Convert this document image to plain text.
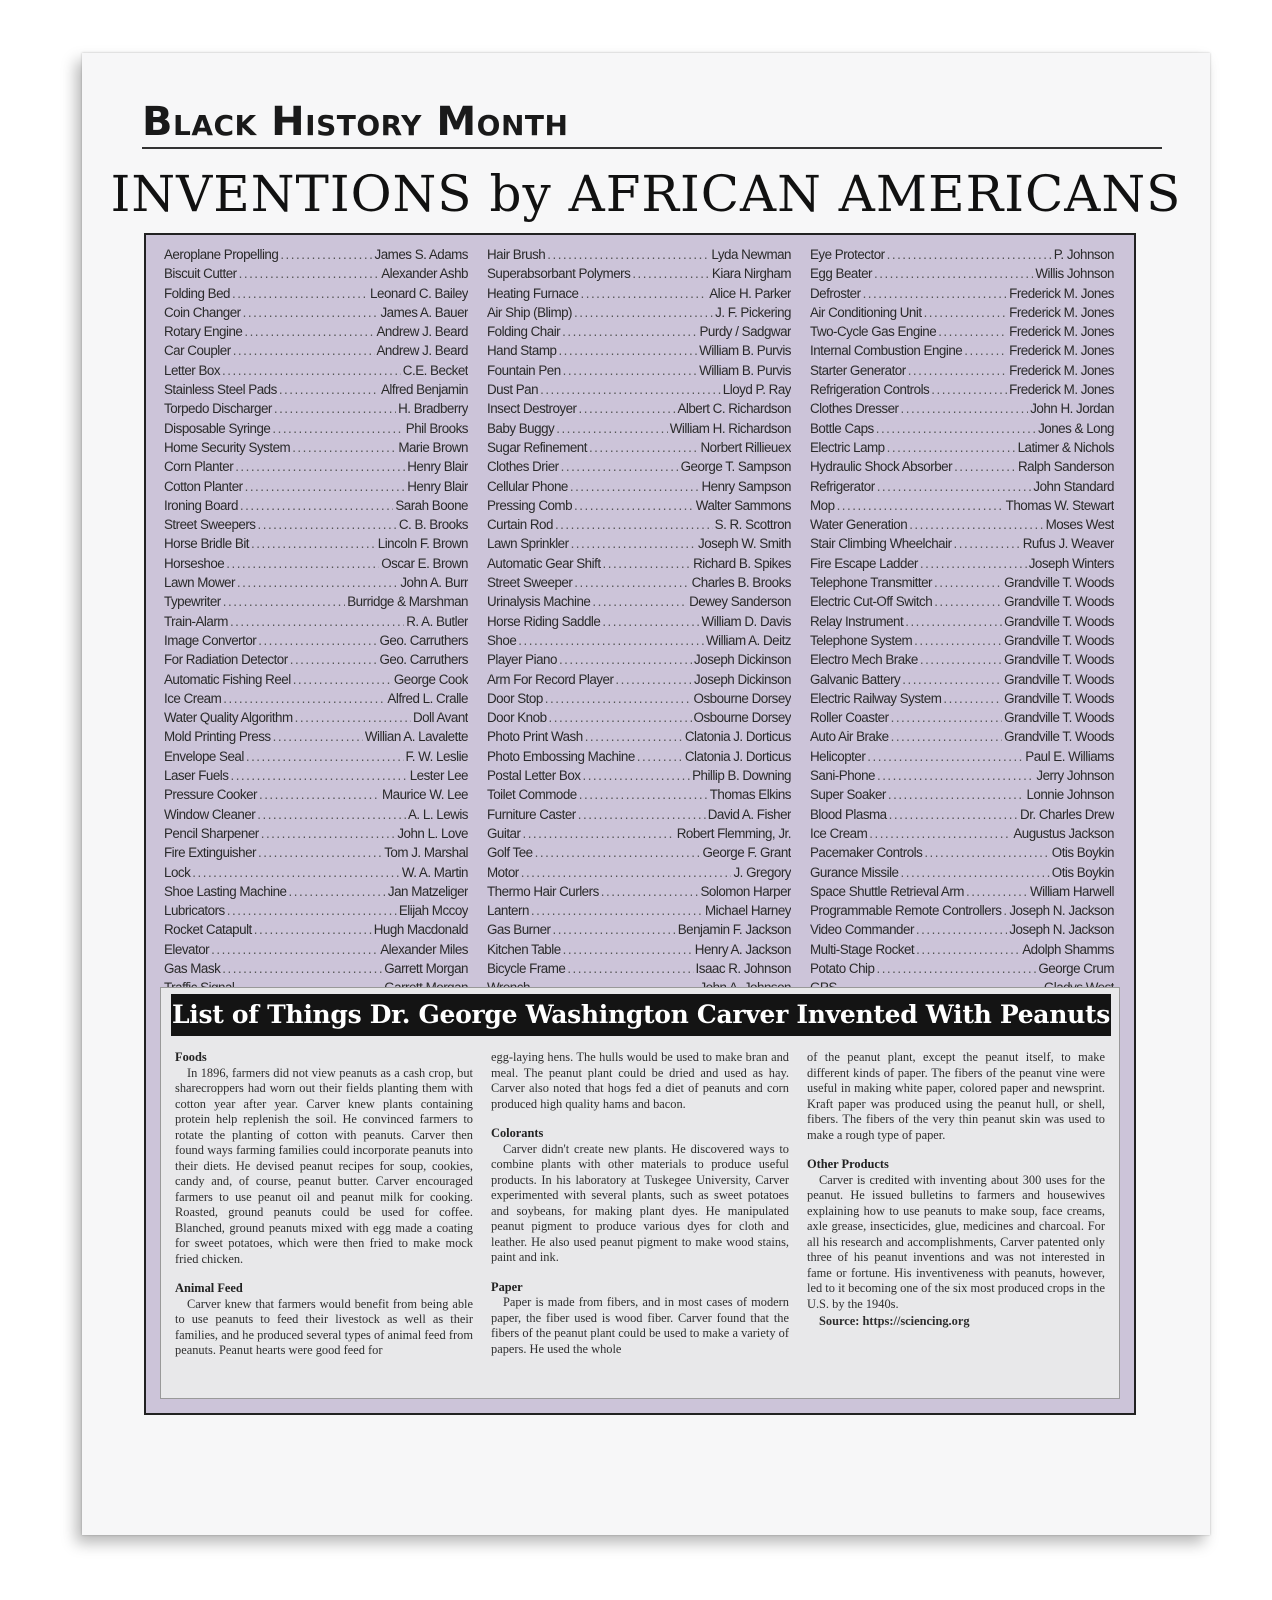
Black History Month
INVENTIONS by AFRICAN AMERICANS
Aeroplane Propelling .....	James S. Adams
Biscuit Cutter .....	Alexander Ashb
Folding Bed .....	Leonard C. Bailey
Coin Changer .....	James A. Bauer
Rotary Engine .....	Andrew J. Beard
Car Coupler .....	Andrew J. Beard
Letter Box .....	C.E. Becket
Stainless Steel Pads .....	Alfred Benjamin
Torpedo Discharger .....	H. Bradberry
Disposable Syringe .....	Phil Brooks
Home Security System .....	Marie Brown
Corn Planter .....	Henry Blair
Cotton Planter .....	Henry Blair
Ironing Board .....	Sarah Boone
Street Sweepers .....	C. B. Brooks
Horse Bridle Bit .....	Lincoln F. Brown
Horseshoe .....	Oscar E. Brown
Lawn Mower .....	John A. Burr
Typewriter .....	Burridge & Marshman
Train-Alarm .....	R. A. Butler
Image Convertor .....	Geo. Carruthers
For Radiation Detector .....	Geo. Carruthers
Automatic Fishing Reel .....	George Cook
Ice Cream .....	Alfred L. Cralle
Water Quality Algorithm .....	Doll Avant
Mold Printing Press .....	Willian A. Lavalette
Envelope Seal .....	F. W. Leslie
Laser Fuels .....	Lester Lee
Pressure Cooker .....	Maurice W. Lee
Window Cleaner .....	A. L. Lewis
Pencil Sharpener .....	John L. Love
Fire Extinguisher .....	Tom J. Marshal
Lock .....	W. A. Martin
Shoe Lasting Machine .....	Jan Matzeliger
Lubricators .....	Elijah Mccoy
Rocket Catapult .....	Hugh Macdonald
Elevator .....	Alexander Miles
Gas Mask .....	Garrett Morgan
.....
Hair Brush .....	Lyda Newman
Superabsorbant Polymers .....	Kiara Nirgham
Heating Furnace .....	Alice H. Parker
Air Ship (Blimp) .....	J. F. Pickering
Folding Chair .....	Purdy / Sadgwar
Hand Stamp .....	William B. Purvis
Fountain Pen .....	William B. Purvis
Dust Pan .....	Lloyd P. Ray
Insect Destroyer .....	Albert C. Richardson
Baby Buggy .....	William H. Richardson
Sugar Refinement .....	Norbert Rillieuex
Clothes Drier .....	George T. Sampson
Cellular Phone .....	Henry Sampson
Pressing Comb .....	Walter Sammons
Curtain Rod .....	S. R. Scottron
Lawn Sprinkler .....	Joseph W. Smith
Automatic Gear Shift .....	Richard B. Spikes
Street Sweeper .....	Charles B. Brooks
Urinalysis Machine .....	Dewey Sanderson
Horse Riding Saddle .....	William D. Davis
Shoe .....	William A. Deitz
Player Piano .....	Joseph Dickinson
Arm For Record Player .....	Joseph Dickinson
Door Stop .....	Osbourne Dorsey
Door Knob .....	Osbourne Dorsey
Photo Print Wash .....	Clatonia J. Dorticus
Photo Embossing Machine .....	Clatonia J. Dorticus
Postal Letter Box .....	Phillip B. Downing
Toilet Commode .....	Thomas Elkins
Furniture Caster .....	David A. Fisher
Guitar .....	Robert Flemming, Jr.
Golf Tee .....	George F. Grant
Motor .....	J. Gregory
Thermo Hair Curlers .....	Solomon Harper
Lantern .....	Michael Harney
Gas Burner .....	Benjamin F. Jackson
Kitchen Table .....	Henry A. Jackson
Bicycle Frame .....	Isaac R. Johnson
.....
Eye Protector .....	P. Johnson
Egg Beater .....	Willis Johnson
Defroster .....	Frederick M. Jones
Air Conditioning Unit .....	Frederick M. Jones
Two-Cycle Gas Engine .....	Frederick M. Jones
Internal Combustion Engine .....	Frederick M. Jones
Starter Generator .....	Frederick M. Jones
Refrigeration Controls .....	Frederick M. Jones
Clothes Dresser .....	John H. Jordan
Bottle Caps .....	Jones & Long
Electric Lamp .....	Latimer & Nichols
Hydraulic Shock Absorber .....	Ralph Sanderson
Refrigerator .....	John Standard
Mop .....	Thomas W. Stewart
Water Generation .....	Moses West
Stair Climbing Wheelchair .....	Rufus J. Weaver
Fire Escape Ladder .....	Joseph Winters
Telephone Transmitter .....	Grandville T. Woods
Electric Cut-Off Switch .....	Grandville T. Woods
Relay Instrument .....	Grandville T. Woods
Telephone System .....	Grandville T. Woods
Electro Mech Brake .....	Grandville T. Woods
Galvanic Battery .....	Grandville T. Woods
Electric Railway System .....	Grandville T. Woods
Roller Coaster .....	Grandville T. Woods
Auto Air Brake .....	Grandville T. Woods
Helicopter .....	Paul E. Williams
Sani-Phone .....	Jerry Johnson
Super Soaker .....	Lonnie Johnson
Blood Plasma .....	Dr. Charles Drew
Ice Cream .....	Augustus Jackson
Pacemaker Controls .....	Otis Boykin
Gurance Missile .....	Otis Boykin
Space Shuttle Retrieval Arm .....	William Harwell
Programmable Remote Controllers ..... Joseph N. Jackson
Video Commander .....	Joseph N. Jackson
Multi-Stage Rocket .....	Adolph Shamms
Potato Chip .....	George Crum
.....
List of Things Dr. George Washington Carver Invented With Peanuts
Foods

In 1896, farmers did not view peanuts as a cash crop, but sharecroppers had worn out their fields planting them with cotton year after year. Carver knew plants containing protein help replenish the soil. He convinced farmers to rotate the planting of cotton with peanuts. Carver then found ways farming families could incorporate peanuts into their diets. He devised peanut recipes for soup, cookies, candy and, of course, peanut butter. Carver encouraged farmers to use peanut oil and peanut milk for cooking. Roasted, ground peanuts could be used for coffee. Blanched, ground peanuts mixed with egg made a coating for sweet potatoes, which were then fried to make mock fried chicken.

Animal Feed

Carver knew that farmers would benefit from being able to use peanuts to feed their livestock as well as their families, and he produced several types of animal feed from peanuts. Peanut hearts were good feed for

egg-laying hens. The hulls would be used to make bran and meal. The peanut plant could be dried and used as hay. Carver also noted that hogs fed a diet of peanuts and corn produced high quality hams and bacon.

Colorants

Carver didn't create new plants. He discovered ways to combine plants with other materials to produce useful products. In his laboratory at Tuskegee University, Carver experimented with several plants, such as sweet potatoes and soybeans, for making plant dyes. He manipulated peanut pigment to produce various dyes for cloth and leather. He also used peanut pigment to make wood stains, paint and ink.

Paper

Paper is made from fibers, and in most cases of modern paper, the fiber used is wood fiber. Carver found that the fibers of the peanut plant could be used to make a variety of papers. He used the whole

of the peanut plant, except the peanut itself, to make different kinds of paper. The fibers of the peanut vine were useful in making white paper, colored paper and newsprint. Kraft paper was produced using the peanut hull, or shell, fibers. The fibers of the very thin peanut skin was used to make a rough type of paper.

Other Products

Carver is credited with inventing about 300 uses for the peanut. He issued bulletins to farmers and housewives explaining how to use peanuts to make soup, face creams, axle grease, insecticides, glue, medicines and charcoal. For all his research and accomplishments, Carver patented only three of his peanut inventions and was not interested in fame or fortune. His inventiveness with peanuts, however, led to it becoming one of the six most produced crops in the U.S. by the 1940s.

Source: https://sciencing.org
